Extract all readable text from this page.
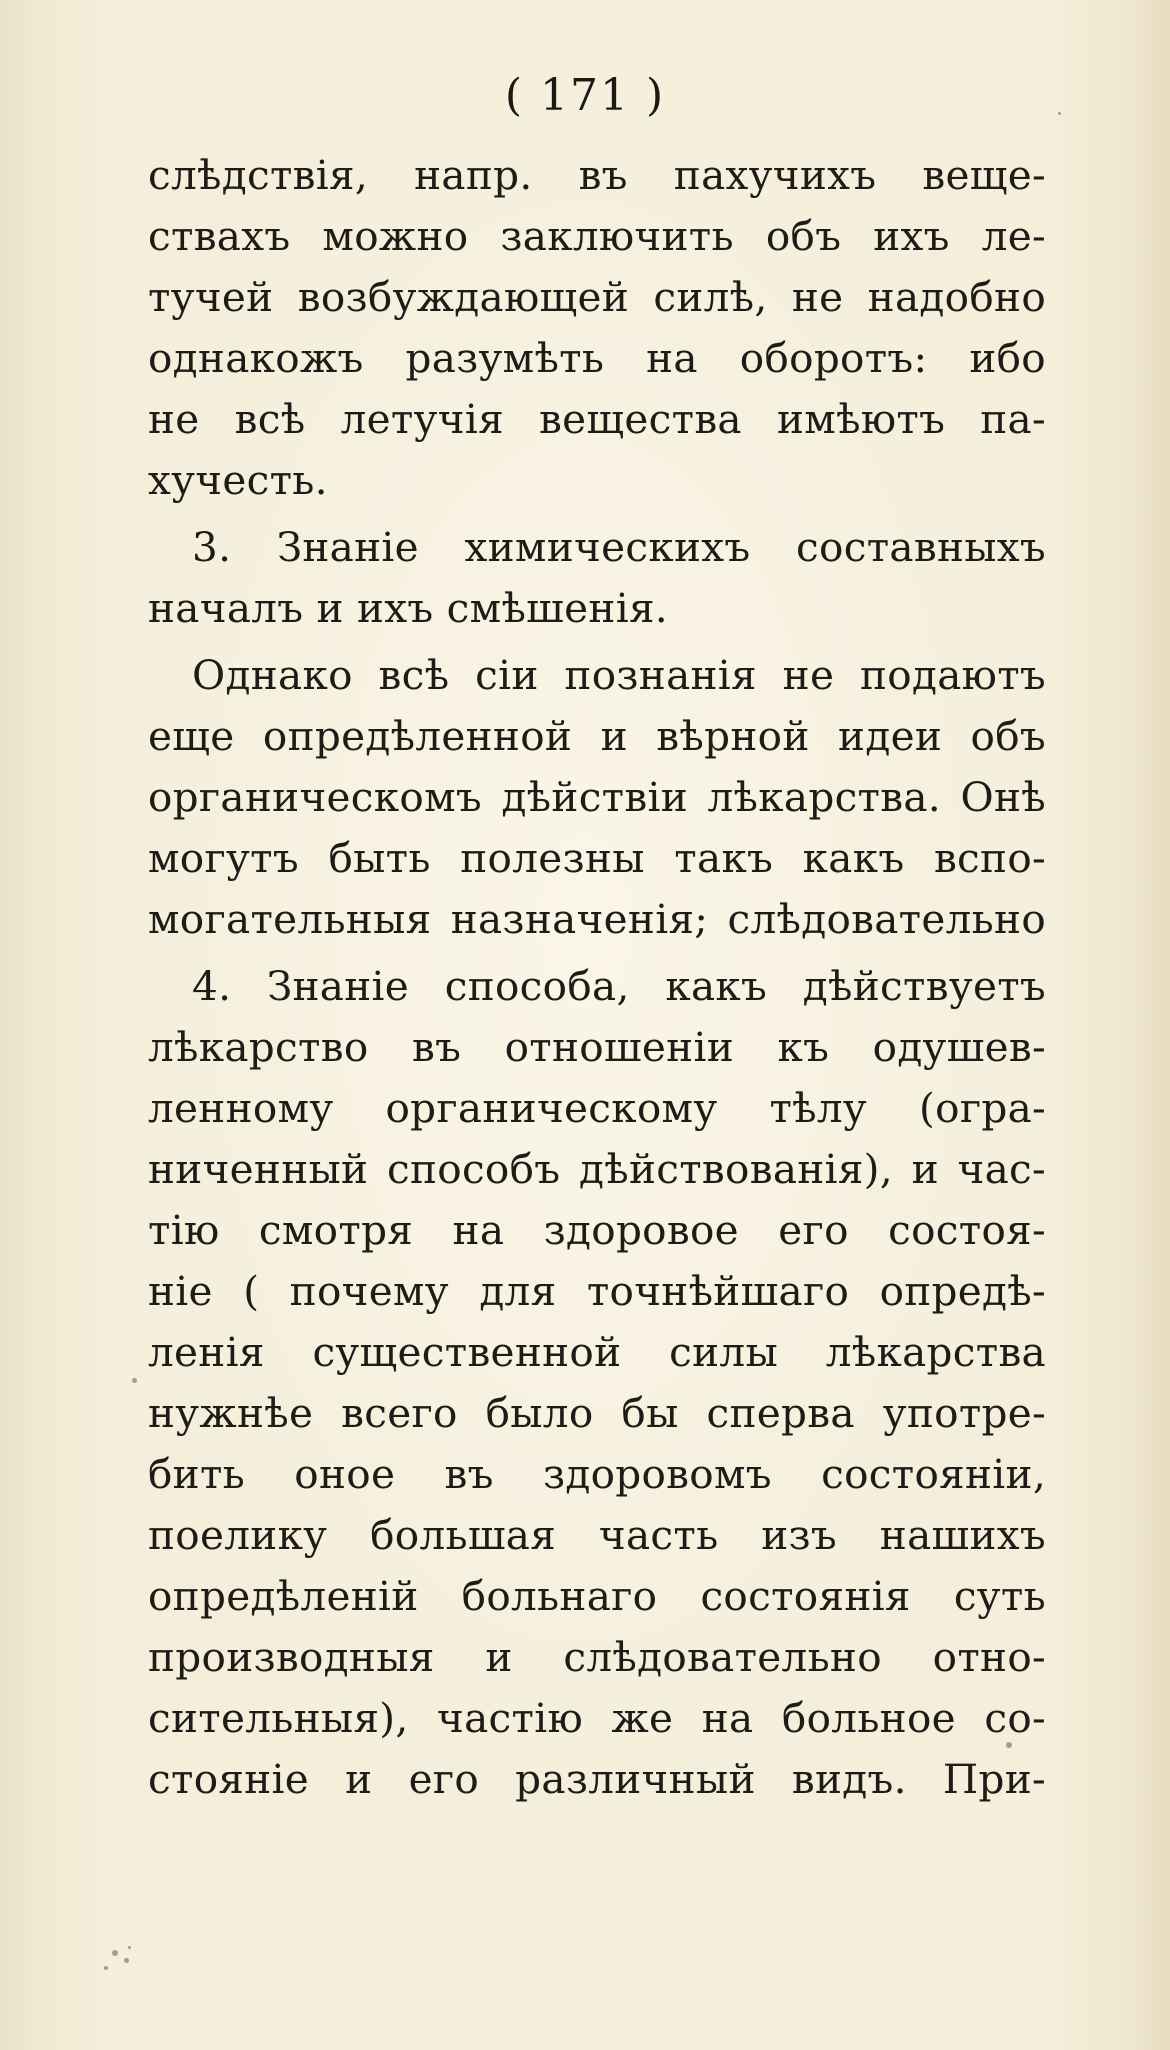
( 171 )
слѣдствія, напр. въ пахучихъ веще-
ствахъ можно заключить объ ихъ ле-
тучей возбуждающей силѣ, не надобно
однакожъ разумѣть на оборотъ: ибо
не всѣ летучія вещества имѣютъ па-
хучесть.
3. Знаніе химическихъ составныхъ
началъ и ихъ смѣшенія.
Однако всѣ сіи познанія не подаютъ
еще опредѣленной и вѣрной идеи объ
органическомъ дѣйствіи лѣкарства. Онѣ
могутъ быть полезны такъ какъ вспо-
могательныя назначенія; слѣдовательно
4. Знаніе способа, какъ дѣйствуетъ
лѣкарство въ отношеніи къ одушев-
ленному органическому тѣлу (огра-
ниченный способъ дѣйствованія), и час-
тію смотря на здоровое его состоя-
ніе ( почему для точнѣйшаго опредѣ-
ленія существенной силы лѣкарства
нужнѣе всего было бы сперва употре-
бить оное въ здоровомъ состояніи,
поелику большая часть изъ нашихъ
опредѣленій больнаго состоянія суть
производныя и слѣдовательно отно-
сительныя), частію же на больное со-
стояніе и его различный видъ. При-
